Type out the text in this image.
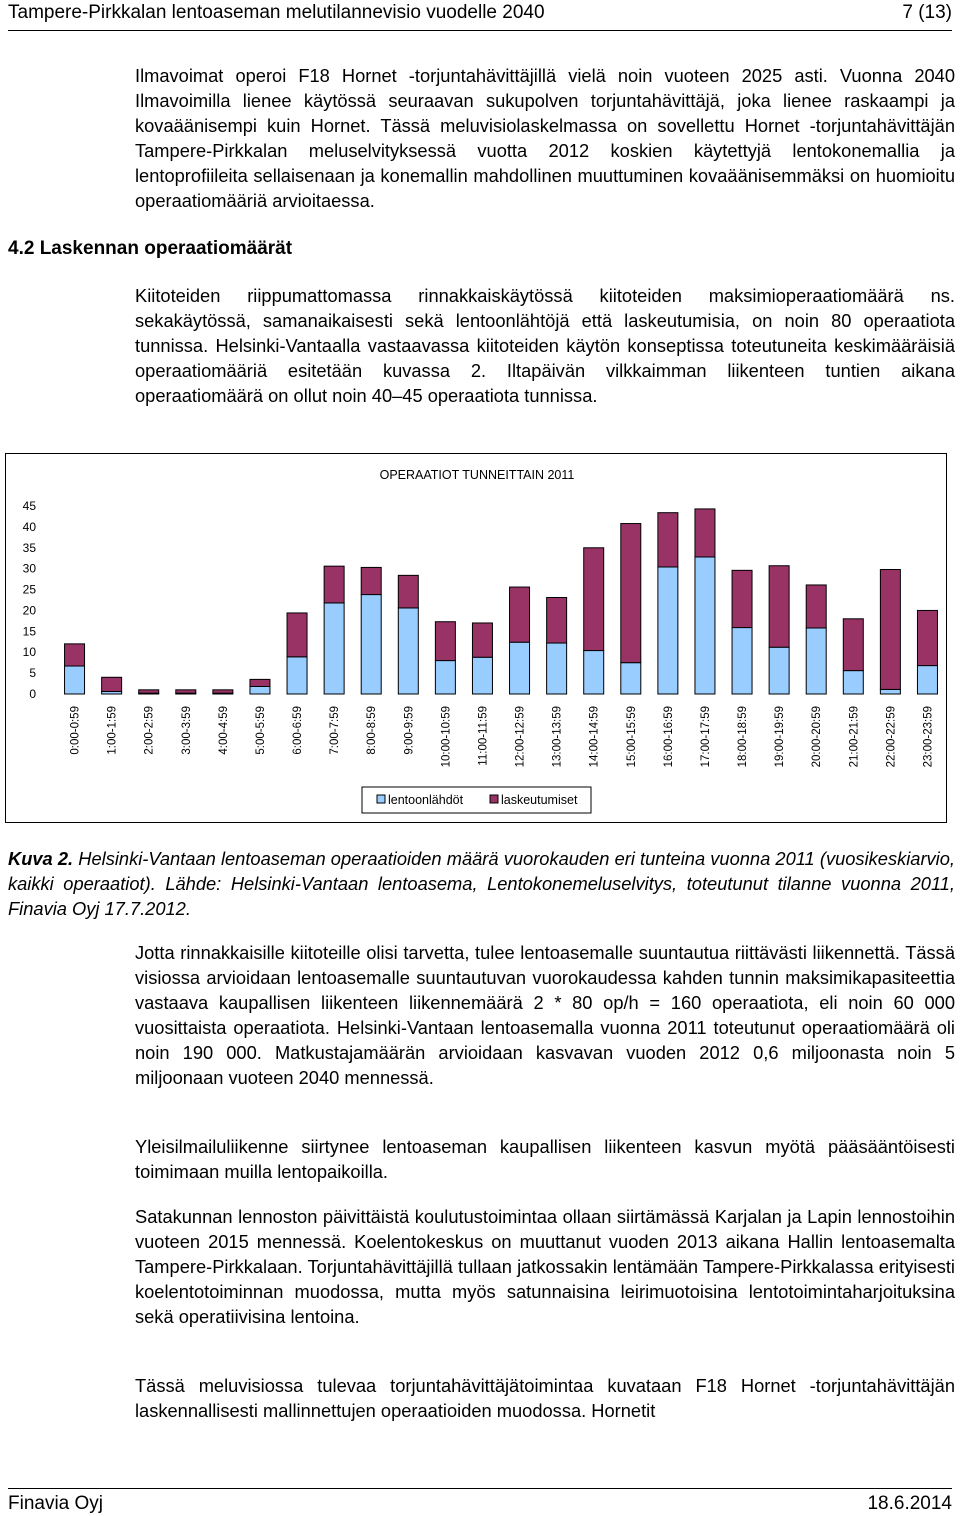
Tampere-Pirkkalan lentoaseman melutilannevisio vuodelle 2040	7 (13)
Ilmavoimat operoi F18 Hornet -torjuntahävittäjillä vielä noin vuoteen 2025 asti. Vuonna 2040 Ilmavoimilla lienee käytössä seuraavan sukupolven torjuntahävittäjä, joka lienee raskaampi ja kovaäänisempi kuin Hornet. Tässä meluvisiolaskelmassa on sovellettu Hornet -torjuntahävittäjän Tampere-Pirkkalan meluselvityksessä vuotta 2012 koskien käytettyjä lentokonemallia ja lentoprofiileita sellaisenaan ja konemallin mahdollinen muuttuminen kovaäänisemmäksi on huomioitu operaatiomääriä arvioitaessa.
4.2 Laskennan operaatiomäärät
Kiitoteiden riippumattomassa rinnakkaiskäytössä kiitoteiden maksimioperaatiomäärä ns. sekakäytössä, samanaikaisesti sekä lentoonlähtöjä että laskeutumisia, on noin 80 operaatiota tunnissa. Helsinki-Vantaalla vastaavassa kiitoteiden käytön konseptissa toteutuneita keskimääräisiä operaatiomääriä esitetään kuvassa 2. Iltapäivän vilkkaimman liikenteen tuntien aikana operaatiomäärä on ollut noin 40–45 operaatiota tunnissa.
OPERAATIOT TUNNEITTAIN 2011
0
5
10
15
20
25
30
35
40
45
0:00-0:59 1:00-1:59 2:00-2:59 3:00-3:59 4:00-4:59 5:00-5:59 6:00-6:59 7:00-7:59 8:00-8:59 9:00-9:59 10:00-10:59 11:00-11:59 12:00-12:59 13:00-13:59 14:00-14:59 15:00-15:59 16:00-16:59 17:00-17:59 18:00-18:59 19:00-19:59 20:00-20:59 21:00-21:59 22:00-22:59 23:00-23:59
lentoonlähdöt	laskeutumiset
Kuva 2. Helsinki-Vantaan lentoaseman operaatioiden määrä vuorokauden eri tunteina vuonna 2011 (vuosikeskiarvio, kaikki operaatiot). Lähde: Helsinki-Vantaan lentoasema, Lentokonemeluselvitys, toteutunut tilanne vuonna 2011, Finavia Oyj 17.7.2012.
Jotta rinnakkaisille kiitoteille olisi tarvetta, tulee lentoasemalle suuntautua riittävästi liikennettä. Tässä visiossa arvioidaan lentoasemalle suuntautuvan vuorokaudessa kahden tunnin maksimikapasiteettia vastaava kaupallisen liikenteen liikennemäärä 2 * 80 op/h = 160 operaatiota, eli noin 60 000 vuosittaista operaatiota. Helsinki-Vantaan lentoasemalla vuonna 2011 toteutunut operaatiomäärä oli noin 190 000. Matkustajamäärän arvioidaan kasvavan vuoden 2012 0,6 miljoonasta noin 5 miljoonaan vuoteen 2040 mennessä.
Yleisilmailuliikenne siirtynee lentoaseman kaupallisen liikenteen kasvun myötä pääsääntöisesti toimimaan muilla lentopaikoilla.
Satakunnan lennoston päivittäistä koulutustoimintaa ollaan siirtämässä Karjalan ja Lapin lennostoihin vuoteen 2015 mennessä. Koelentokeskus on muuttanut vuoden 2013 aikana Hallin lentoasemalta Tampere-Pirkkalaan. Torjuntahävittäjillä tullaan jatkossakin lentämään Tampere-Pirkkalassa erityisesti koelentotoiminnan muodossa, mutta myös satunnaisina leirimuotoisina lentotoimintaharjoituksina sekä operatiivisina lentoina.
Tässä meluvisiossa tulevaa torjuntahävittäjätoimintaa kuvataan F18 Hornet -torjuntahävittäjän laskennallisesti mallinnettujen operaatioiden muodossa. Hornetit
Finavia Oyj	18.6.2014
